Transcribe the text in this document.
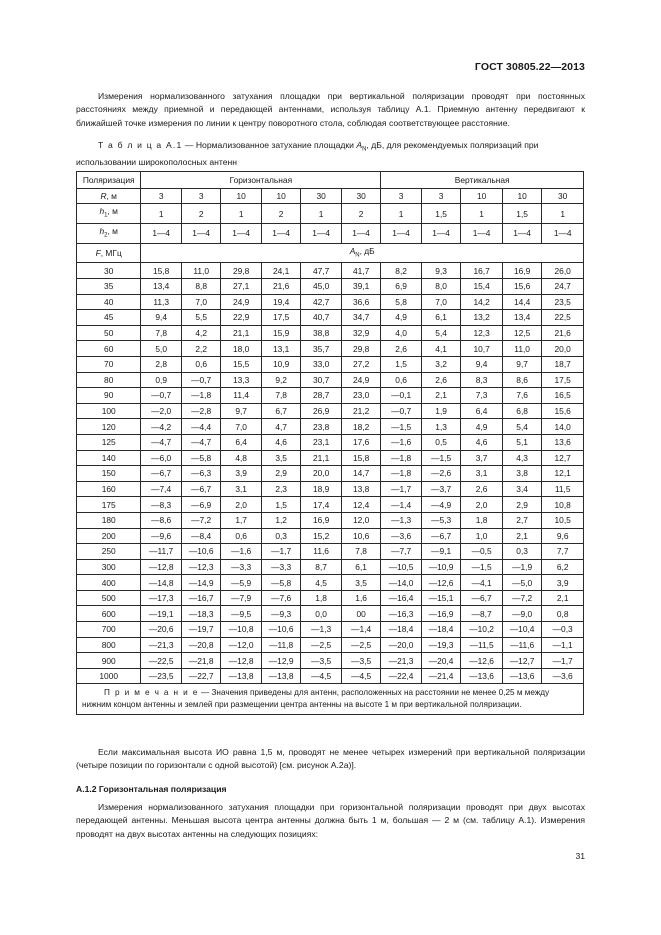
ГОСТ 30805.22—2013
Измерения нормализованного затухания площадки при вертикальной поляризации проводят при постоянных расстояниях между приемной и передающей антеннами, используя таблицу А.1. Приемную антенну передвигают к ближайшей точке измерения по линии к центру поворотного стола, соблюдая соответствующее расстояние.
Т а б л и ц а А.1 — Нормализованное затухание площадки $A_N$, дБ, для рекомендуемых поляризаций при использовании широкополосных антенн
Поляризация	Горизонтальная						Вертикальная				
R, м	3	3	10	10	30	30	3	3	10	10	30
$h_1$, м	1	2	1	2	1	2	1	1,5	1	1,5	1
$h_2$, м	1—4	1—4	1—4	1—4	1—4	1—4	1—4	1—4	1—4	1—4	1—4
F, МГц	$A_N$, дБ										
30	15,8	11,0	29,8	24,1	47,7	41,7	8,2	9,3	16,7	16,9	26,0
35	13,4	8,8	27,1	21,6	45,0	39,1	6,9	8,0	15,4	15,6	24,7
40	11,3	7,0	24,9	19,4	42,7	36,6	5,8	7,0	14,2	14,4	23,5
45	9,4	5,5	22,9	17,5	40,7	34,7	4,9	6,1	13,2	13,4	22,5
50	7,8	4,2	21,1	15,9	38,8	32,9	4,0	5,4	12,3	12,5	21,6
60	5,0	2,2	18,0	13,1	35,7	29,8	2,6	4,1	10,7	11,0	20,0
70	2,8	0,6	15,5	10,9	33,0	27,2	1,5	3,2	9,4	9,7	18,7
80	0,9	—0,7	13,3	9,2	30,7	24,9	0,6	2,6	8,3	8,6	17,5
90	—0,7	—1,8	11,4	7,8	28,7	23,0	—0,1	2,1	7,3	7,6	16,5
100	—2,0	—2,8	9,7	6,7	26,9	21,2	—0,7	1,9	6,4	6,8	15,6
120	—4,2	—4,4	7,0	4,7	23,8	18,2	—1,5	1,3	4,9	5,4	14,0
125	—4,7	—4,7	6,4	4,6	23,1	17,6	—1,6	0,5	4,6	5,1	13,6
140	—6,0	—5,8	4,8	3,5	21,1	15,8	—1,8	—1,5	3,7	4,3	12,7
150	—6,7	—6,3	3,9	2,9	20,0	14,7	—1,8	—2,6	3,1	3,8	12,1
160	—7,4	—6,7	3,1	2,3	18,9	13,8	—1,7	—3,7	2,6	3,4	11,5
175	—8,3	—6,9	2,0	1,5	17,4	12,4	—1,4	—4,9	2,0	2,9	10,8
180	—8,6	—7,2	1,7	1,2	16,9	12,0	—1,3	—5,3	1,8	2,7	10,5
200	—9,6	—8,4	0,6	0,3	15,2	10,6	—3,6	—6,7	1,0	2,1	9,6
250	—11,7	—10,6	—1,6	—1,7	11,6	7,8	—7,7	—9,1	—0,5	0,3	7,7
300	—12,8	—12,3	—3,3	—3,3	8,7	6,1	—10,5	—10,9	—1,5	—1,9	6,2
400	—14,8	—14,9	—5,9	—5,8	4,5	3,5	—14,0	—12,6	—4,1	—5,0	3,9
500	—17,3	—16,7	—7,9	—7,6	1,8	1,6	—16,4	—15,1	—6,7	—7,2	2,1
600	—19,1	—18,3	—9,5	—9,3	0,0	00	—16,3	—16,9	—8,7	—9,0	0,8
700	—20,6	—19,7	—10,8	—10,6	—1,3	—1,4	—18,4	—18,4	—10,2	—10,4	—0,3
800	—21,3	—20,8	—12,0	—11,8	—2,5	—2,5	—20,0	—19,3	—11,5	—11,6	—1,1
900	—22,5	—21,8	—12,8	—12,9	—3,5	—3,5	—21,3	—20,4	—12,6	—12,7	—1,7
1000	—23,5	—22,7	—13,8	—13,8	—4,5	—4,5	—22,4	—21,4	—13,6	—13,6	—3,6
П р и м е ч а н и е — Значения приведены для антенн, расположенных на расстоянии не менее 0,25 м между нижним концом антенны и землей при размещении центра антенны на высоте 1 м при вертикальной поляризации.											
Если максимальная высота ИО равна 1,5 м, проводят не менее четырех измерений при вертикальной поляризации (четыре позиции по горизонтали с одной высотой) [см. рисунок А.2а)].
А.1.2 Горизонтальная поляризация
Измерения нормализованного затухания площадки при горизонтальной поляризации проводят при двух высотах передающей антенны. Меньшая высота центра антенны должна быть 1 м, большая — 2 м (см. таблицу А.1). Измерения проводят на двух высотах антенны на следующих позициях:
31
